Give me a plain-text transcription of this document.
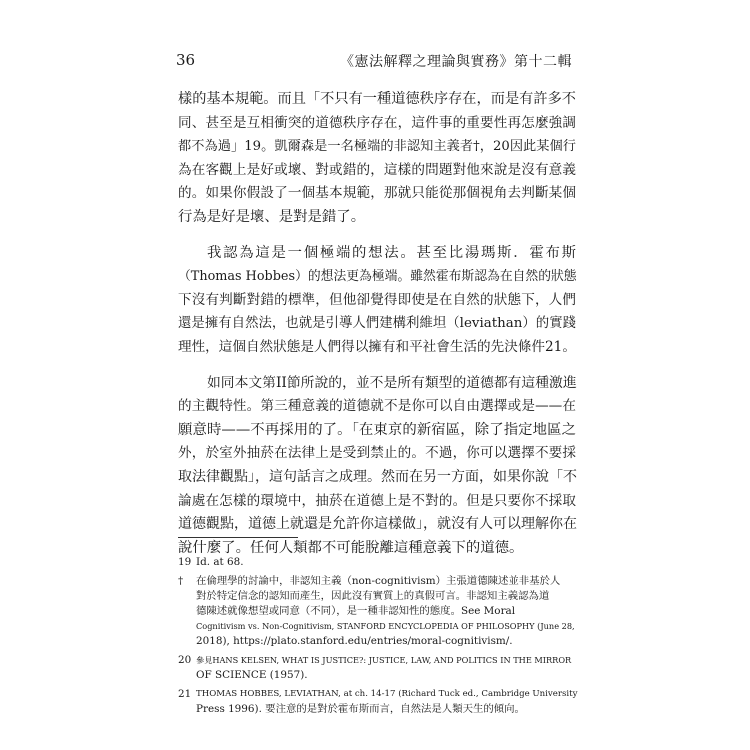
36	《憲法解釋之理論與實務》第十二輯
樣的基本規範。而且「不只有一種道德秩序存在，而是有許多不
同、甚至是互相衝突的道德秩序存在，這件事的重要性再怎麼強調
都不為過」19。凱爾森是一名極端的非認知主義者†，20因此某個行
為在客觀上是好或壞、對或錯的，這樣的問題對他來說是沒有意義
的。如果你假設了一個基本規範，那就只能從那個視角去判斷某個
行為是好是壞、是對是錯了。
我認為這是一個極端的想法。甚至比湯瑪斯．霍布斯
（Thomas Hobbes）的想法更為極端。雖然霍布斯認為在自然的狀態
下沒有判斷對錯的標準，但他卻覺得即使是在自然的狀態下，人們
還是擁有自然法，也就是引導人們建構利維坦（leviathan）的實踐
理性，這個自然狀態是人們得以擁有和平社會生活的先決條件21。
如同本文第II節所說的，並不是所有類型的道德都有這種激進
的主觀特性。第三種意義的道德就不是你可以自由選擇或是——在
願意時——不再採用的了。「在東京的新宿區，除了指定地區之
外，於室外抽菸在法律上是受到禁止的。不過，你可以選擇不要採
取法律觀點」，這句話言之成理。然而在另一方面，如果你說「不
論處在怎樣的環境中，抽菸在道德上是不對的。但是只要你不採取
道德觀點，道德上就還是允許你這樣做」，就沒有人可以理解你在
說什麼了。任何人類都不可能脫離這種意義下的道德。
19 Id. at 68.
† 在倫理學的討論中，非認知主義（non-cognitivism）主張道德陳述並非基於人
對於特定信念的認知而產生，因此沒有實質上的真假可言。非認知主義認為道
德陳述就像想望或同意（不同），是一種非認知性的態度。See Moral
Cognitivism vs. Non-Cognitivism, STANFORD ENCYCLOPEDIA OF PHILOSOPHY (June 28,
2018), https://plato.stanford.edu/entries/moral-cognitivism/.
20 參見HANS KELSEN, WHAT IS JUSTICE?: JUSTICE, LAW, AND POLITICS IN THE MIRROR
OF SCIENCE (1957).
21 THOMAS HOBBES, LEVIATHAN, at ch. 14-17 (Richard Tuck ed., Cambridge University
Press 1996). 要注意的是對於霍布斯而言，自然法是人類天生的傾向。
